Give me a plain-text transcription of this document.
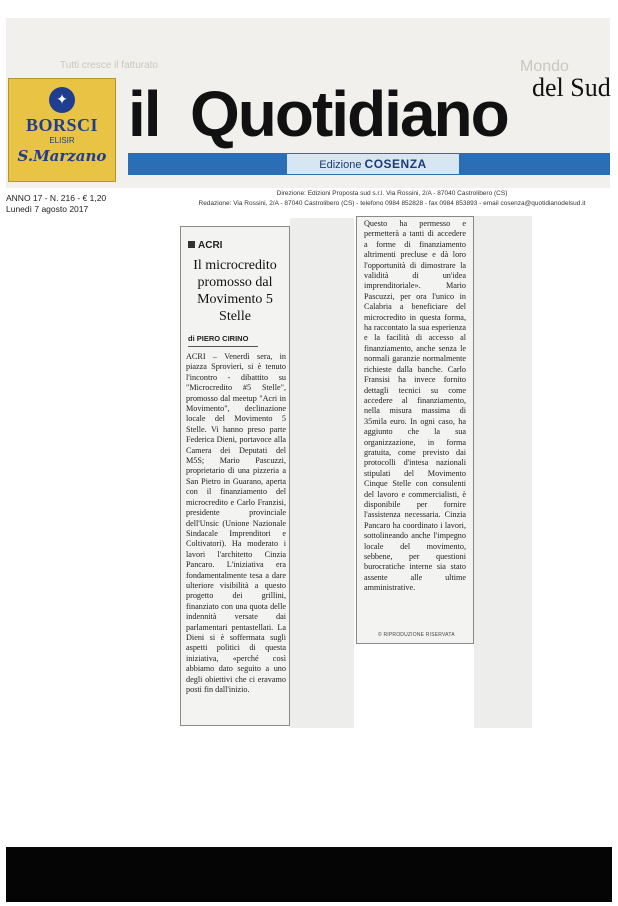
Tutti cresce il fatturato	Mondo
✦
BORSCI
ELISIR
S.Marzano
il Quotidiano del Sud
Edizione COSENZA
ANNO 17 - N. 216 - € 1,20
Lunedì 7 agosto 2017
Direzione: Edizioni Proposta sud s.r.l. Via Rossini, 2/A - 87040 Castrolibero (CS)
Redazione: Via Rossini, 2/A - 87040 Castrolibero (CS) - telefono 0984 852828 - fax 0984 853893 - email cosenza@quotidianodelsud.it
ACRI
Il microcredito promosso dal Movimento 5 Stelle
di PIERO CIRINO
ACRI – Venerdì sera, in piazza Sprovieri, si è tenuto l'incontro - dibattito su "Microcredito #5 Stelle", promosso dal meetup "Acri in Movimento", declinazione locale del Movimento 5 Stelle. Vi hanno preso parte Federica Dieni, portavoce alla Camera dei Deputati del M5S; Mario Pascuzzi, proprietario di una pizzeria a San Pietro in Guarano, aperta con il finanziamento del microcredito e Carlo Franzisi, presidente provinciale dell'Unsic (Unione Nazionale Sindacale Imprenditori e Coltivatori). Ha moderato i lavori l'architetto Cinzia Pancaro. L'iniziativa era fondamentalmente tesa a dare ulteriore visibilità a questo progetto dei grillini, finanziato con una quota delle indennità versate dai parlamentari pentastellati. La Dieni si è soffermata sugli aspetti politici di questa iniziativa, «perché così abbiamo dato seguito a uno degli obiettivi che ci eravamo posti fin dall'inizio.
Questo ha permesso e permetterà a tanti di accedere a forme di finanziamento altrimenti precluse e dà loro l'opportunità di dimostrare la validità di un'idea imprenditoriale». Mario Pascuzzi, per ora l'unico in Calabria a beneficiare del microcredito in questa forma, ha raccontato la sua esperienza e la facilità di accesso al finanziamento, anche senza le normali garanzie normalmente richieste dalla banche. Carlo Fransisi ha invece fornito dettagli tecnici su come accedere al finanziamento, nella misura massima di 35mila euro. In ogni caso, ha aggiunto che la sua organizzazione, in forma gratuita, come previsto dai protocolli d'intesa nazionali stipulati del Movimento Cinque Stelle con consulenti del lavoro e commercialisti, è disponibile per fornire l'assistenza necessaria. Cinzia Pancaro ha coordinato i lavori, sottolineando anche l'impegno locale del movimento, sebbene, per questioni burocratiche interne sia stato assente alle ultime amministrative.
© RIPRODUZIONE RISERVATA
